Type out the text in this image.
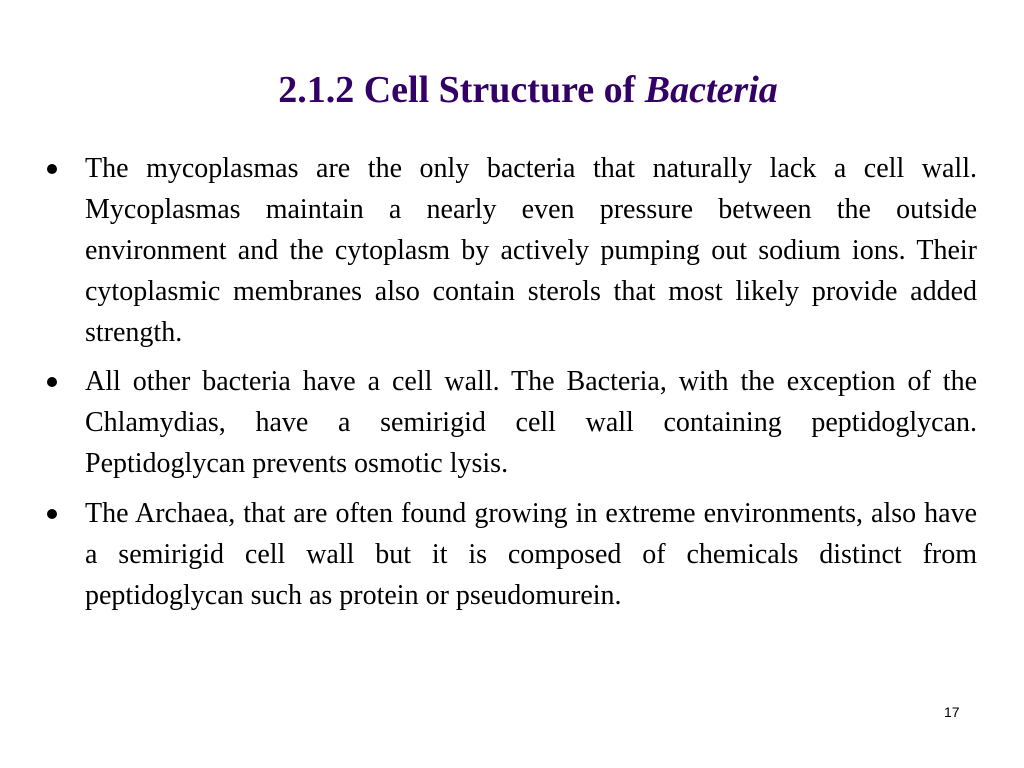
2.1.2 Cell Structure of Bacteria
The mycoplasmas are the only bacteria that naturally lack a cell wall. Mycoplasmas maintain a nearly even pressure between the outside environment and the cytoplasm by actively pumping out sodium ions. Their cytoplasmic membranes also contain sterols that most likely provide added strength.
All other bacteria have a cell wall. The Bacteria, with the exception of the Chlamydias, have a semirigid cell wall containing peptidoglycan. Peptidoglycan prevents osmotic lysis.
The Archaea, that are often found growing in extreme environments, also have a semirigid cell wall but it is composed of chemicals distinct from peptidoglycan such as protein or pseudomurein.
17
